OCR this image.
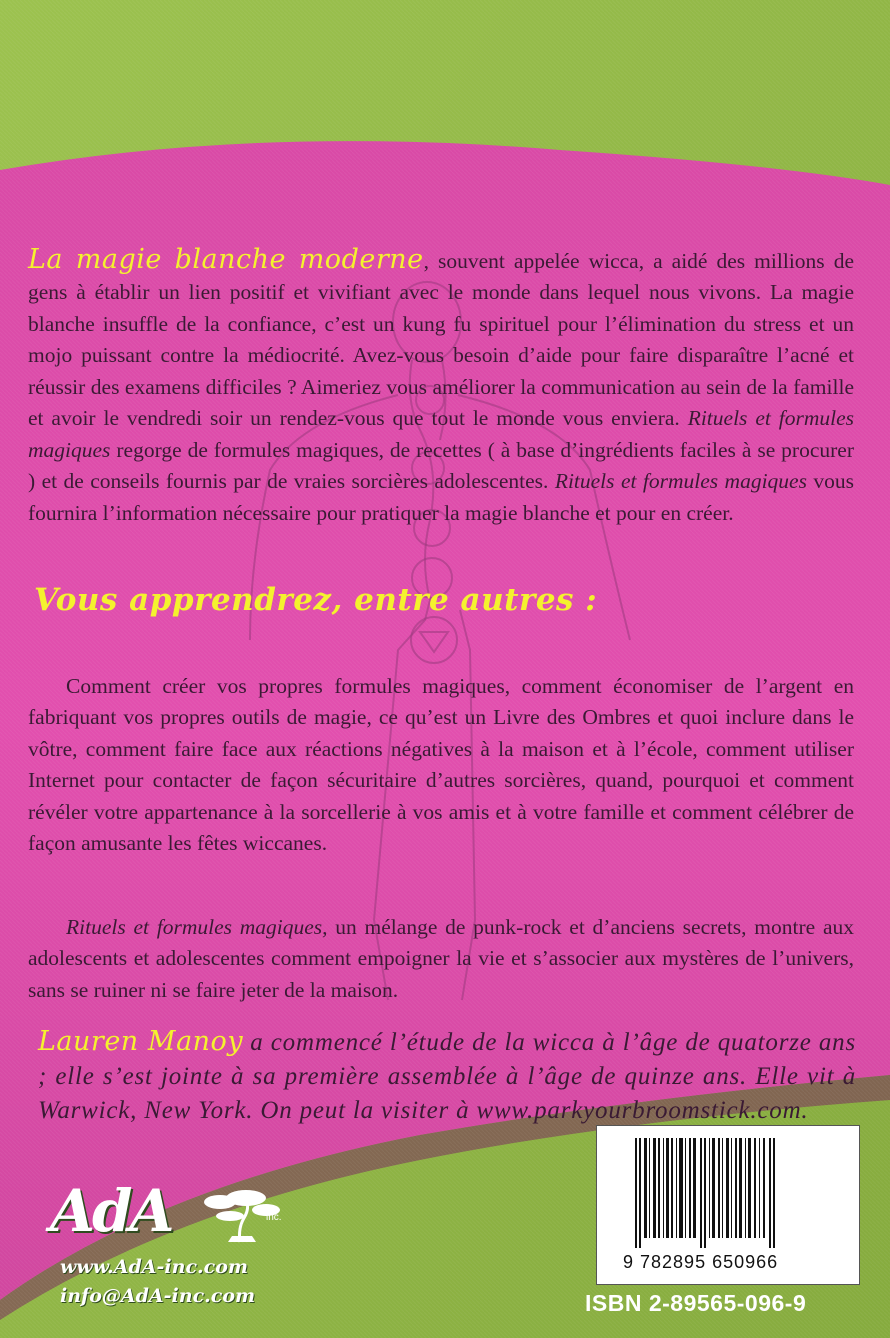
La magie blanche moderne, souvent appelée wicca, a aidé des millions de gens à établir un lien positif et vivifiant avec le monde dans lequel nous vivons. La magie blanche insuffle de la confiance, c’est un kung fu spirituel pour l’élimination du stress et un mojo puissant contre la médiocrité. Avez-vous besoin d’aide pour faire disparaître l’acné et réussir des examens difficiles ? Aimeriez vous améliorer la communication au sein de la famille et avoir le vendredi soir un rendez-vous que tout le monde vous enviera. Rituels et formules magiques regorge de formules magiques, de recettes ( à base d’ingrédients faciles à se procurer ) et de conseils fournis par de vraies sorcières adolescentes. Rituels et formules magiques vous fournira l’information nécessaire pour pratiquer la magie blanche et pour en créer.

Vous apprendrez, entre autres :

Comment créer vos propres formules magiques, comment économiser de l’argent en fabriquant vos propres outils de magie, ce qu’est un Livre des Ombres et quoi inclure dans le vôtre, comment faire face aux réactions négatives à la maison et à l’école, comment utiliser Internet pour contacter de façon sécuritaire d’autres sorcières, quand, pourquoi et comment révéler votre appartenance à la sorcellerie à vos amis et à votre famille et comment célébrer de façon amusante les fêtes wiccanes.

Rituels et formules magiques, un mélange de punk-rock et d’anciens secrets, montre aux adolescents et adolescentes comment empoigner la vie et s’associer aux mystères de l’univers, sans se ruiner ni se faire jeter de la maison.

Lauren Manoy a commencé l’étude de la wicca à l’âge de quatorze ans ; elle s’est jointe à sa première assemblée à l’âge de quinze ans. Elle vit à Warwick, New York. On peut la visiter à www.parkyourbroomstick.com.

AdA	inc.
www.AdA-inc.com
info@AdA-inc.com
9 782895 650966
ISBN 2-89565-096-9
